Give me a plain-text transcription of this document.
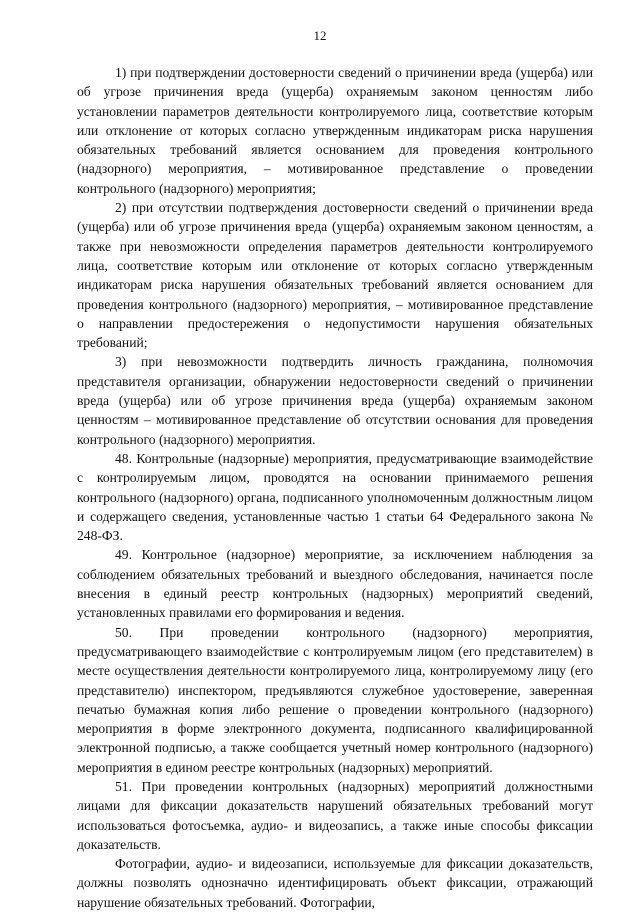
12

1) при подтверждении достоверности сведений о причинении вреда (ущерба) или об угрозе причинения вреда (ущерба) охраняемым законом ценностям либо установлении параметров деятельности контролируемого лица, соответствие которым или отклонение от которых согласно утвержденным индикаторам риска нарушения обязательных требований является основанием для проведения контрольного (надзорного) мероприятия, – мотивированное представление о проведении контрольного (надзорного) мероприятия;

2) при отсутствии подтверждения достоверности сведений о причинении вреда (ущерба) или об угрозе причинения вреда (ущерба) охраняемым законом ценностям, а также при невозможности определения параметров деятельности контролируемого лица, соответствие которым или отклонение от которых согласно утвержденным индикаторам риска нарушения обязательных требований является основанием для проведения контрольного (надзорного) мероприятия, – мотивированное представление о направлении предостережения о недопустимости нарушения обязательных требований;

3) при невозможности подтвердить личность гражданина, полномочия представителя организации, обнаружении недостоверности сведений о причинении вреда (ущерба) или об угрозе причинения вреда (ущерба) охраняемым законом ценностям – мотивированное представление об отсутствии основания для проведения контрольного (надзорного) мероприятия.

48. Контрольные (надзорные) мероприятия, предусматривающие взаимодействие с контролируемым лицом, проводятся на основании принимаемого решения контрольного (надзорного) органа, подписанного уполномоченным должностным лицом и содержащего сведения, установленные частью 1 статьи 64 Федерального закона № 248-ФЗ.

49. Контрольное (надзорное) мероприятие, за исключением наблюдения за соблюдением обязательных требований и выездного обследования, начинается после внесения в единый реестр контрольных (надзорных) мероприятий сведений, установленных правилами его формирования и ведения.

50. При проведении контрольного (надзорного) мероприятия, предусматривающего взаимодействие с контролируемым лицом (его представителем) в месте осуществления деятельности контролируемого лица, контролируемому лицу (его представителю) инспектором, предъявляются служебное удостоверение, заверенная печатью бумажная копия либо решение о проведении контрольного (надзорного) мероприятия в форме электронного документа, подписанного квалифицированной электронной подписью, а также сообщается учетный номер контрольного (надзорного) мероприятия в едином реестре контрольных (надзорных) мероприятий.

51. При проведении контрольных (надзорных) мероприятий должностными лицами для фиксации доказательств нарушений обязательных требований могут использоваться фотосъемка, аудио- и видеозапись, а также иные способы фиксации доказательств.

Фотографии, аудио- и видеозаписи, используемые для фиксации доказательств, должны позволять однозначно идентифицировать объект фиксации, отражающий нарушение обязательных требований. Фотографии,
